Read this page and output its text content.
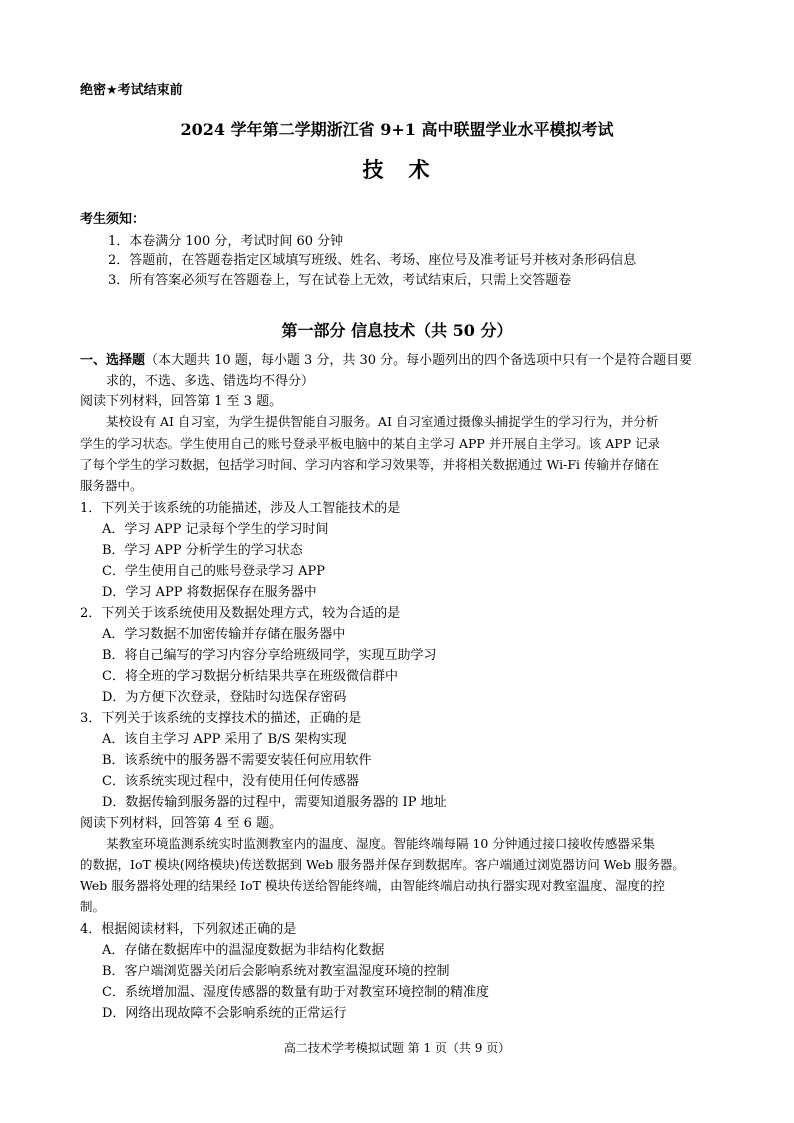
绝密★考试结束前
2024 学年第二学期浙江省 9+1 高中联盟学业水平模拟考试
技　术
考生须知：
1．本卷满分 100 分，考试时间 60 分钟
2．答题前，在答题卷指定区域填写班级、姓名、考场、座位号及准考证号并核对条形码信息
3．所有答案必须写在答题卷上，写在试卷上无效，考试结束后，只需上交答题卷
第一部分 信息技术（共 50 分）
一、选择题（本大题共 10 题，每小题 3 分，共 30 分。每小题列出的四个备选项中只有一个是符合题目要
求的，不选、多选、错选均不得分）
阅读下列材料，回答第 1 至 3 题。
某校设有 AI 自习室，为学生提供智能自习服务。AI 自习室通过摄像头捕捉学生的学习行为，并分析
学生的学习状态。学生使用自己的账号登录平板电脑中的某自主学习 APP 并开展自主学习。该 APP 记录
了每个学生的学习数据，包括学习时间、学习内容和学习效果等，并将相关数据通过 Wi-Fi 传输并存储在
服务器中。
1．下列关于该系统的功能描述，涉及人工智能技术的是
A．学习 APP 记录每个学生的学习时间
B．学习 APP 分析学生的学习状态
C．学生使用自己的账号登录学习 APP
D．学习 APP 将数据保存在服务器中
2．下列关于该系统使用及数据处理方式，较为合适的是
A．学习数据不加密传输并存储在服务器中
B．将自己编写的学习内容分享给班级同学，实现互助学习
C．将全班的学习数据分析结果共享在班级微信群中
D．为方便下次登录，登陆时勾选保存密码
3．下列关于该系统的支撑技术的描述，正确的是
A．该自主学习 APP 采用了 B/S 架构实现
B．该系统中的服务器不需要安装任何应用软件
C．该系统实现过程中，没有使用任何传感器
D．数据传输到服务器的过程中，需要知道服务器的 IP 地址
阅读下列材料，回答第 4 至 6 题。
某教室环境监测系统实时监测教室内的温度、湿度。智能终端每隔 10 分钟通过接口接收传感器采集
的数据，IoT 模块(网络模块)传送数据到 Web 服务器并保存到数据库。客户端通过浏览器访问 Web 服务器。
Web 服务器将处理的结果经 IoT 模块传送给智能终端，由智能终端启动执行器实现对教室温度、湿度的控
制。
4．根据阅读材料，下列叙述正确的是
A．存储在数据库中的温湿度数据为非结构化数据
B．客户端浏览器关闭后会影响系统对教室温湿度环境的控制
C．系统增加温、湿度传感器的数量有助于对教室环境控制的精准度
D．网络出现故障不会影响系统的正常运行
高二技术学考模拟试题 第 1 页（共 9 页）
